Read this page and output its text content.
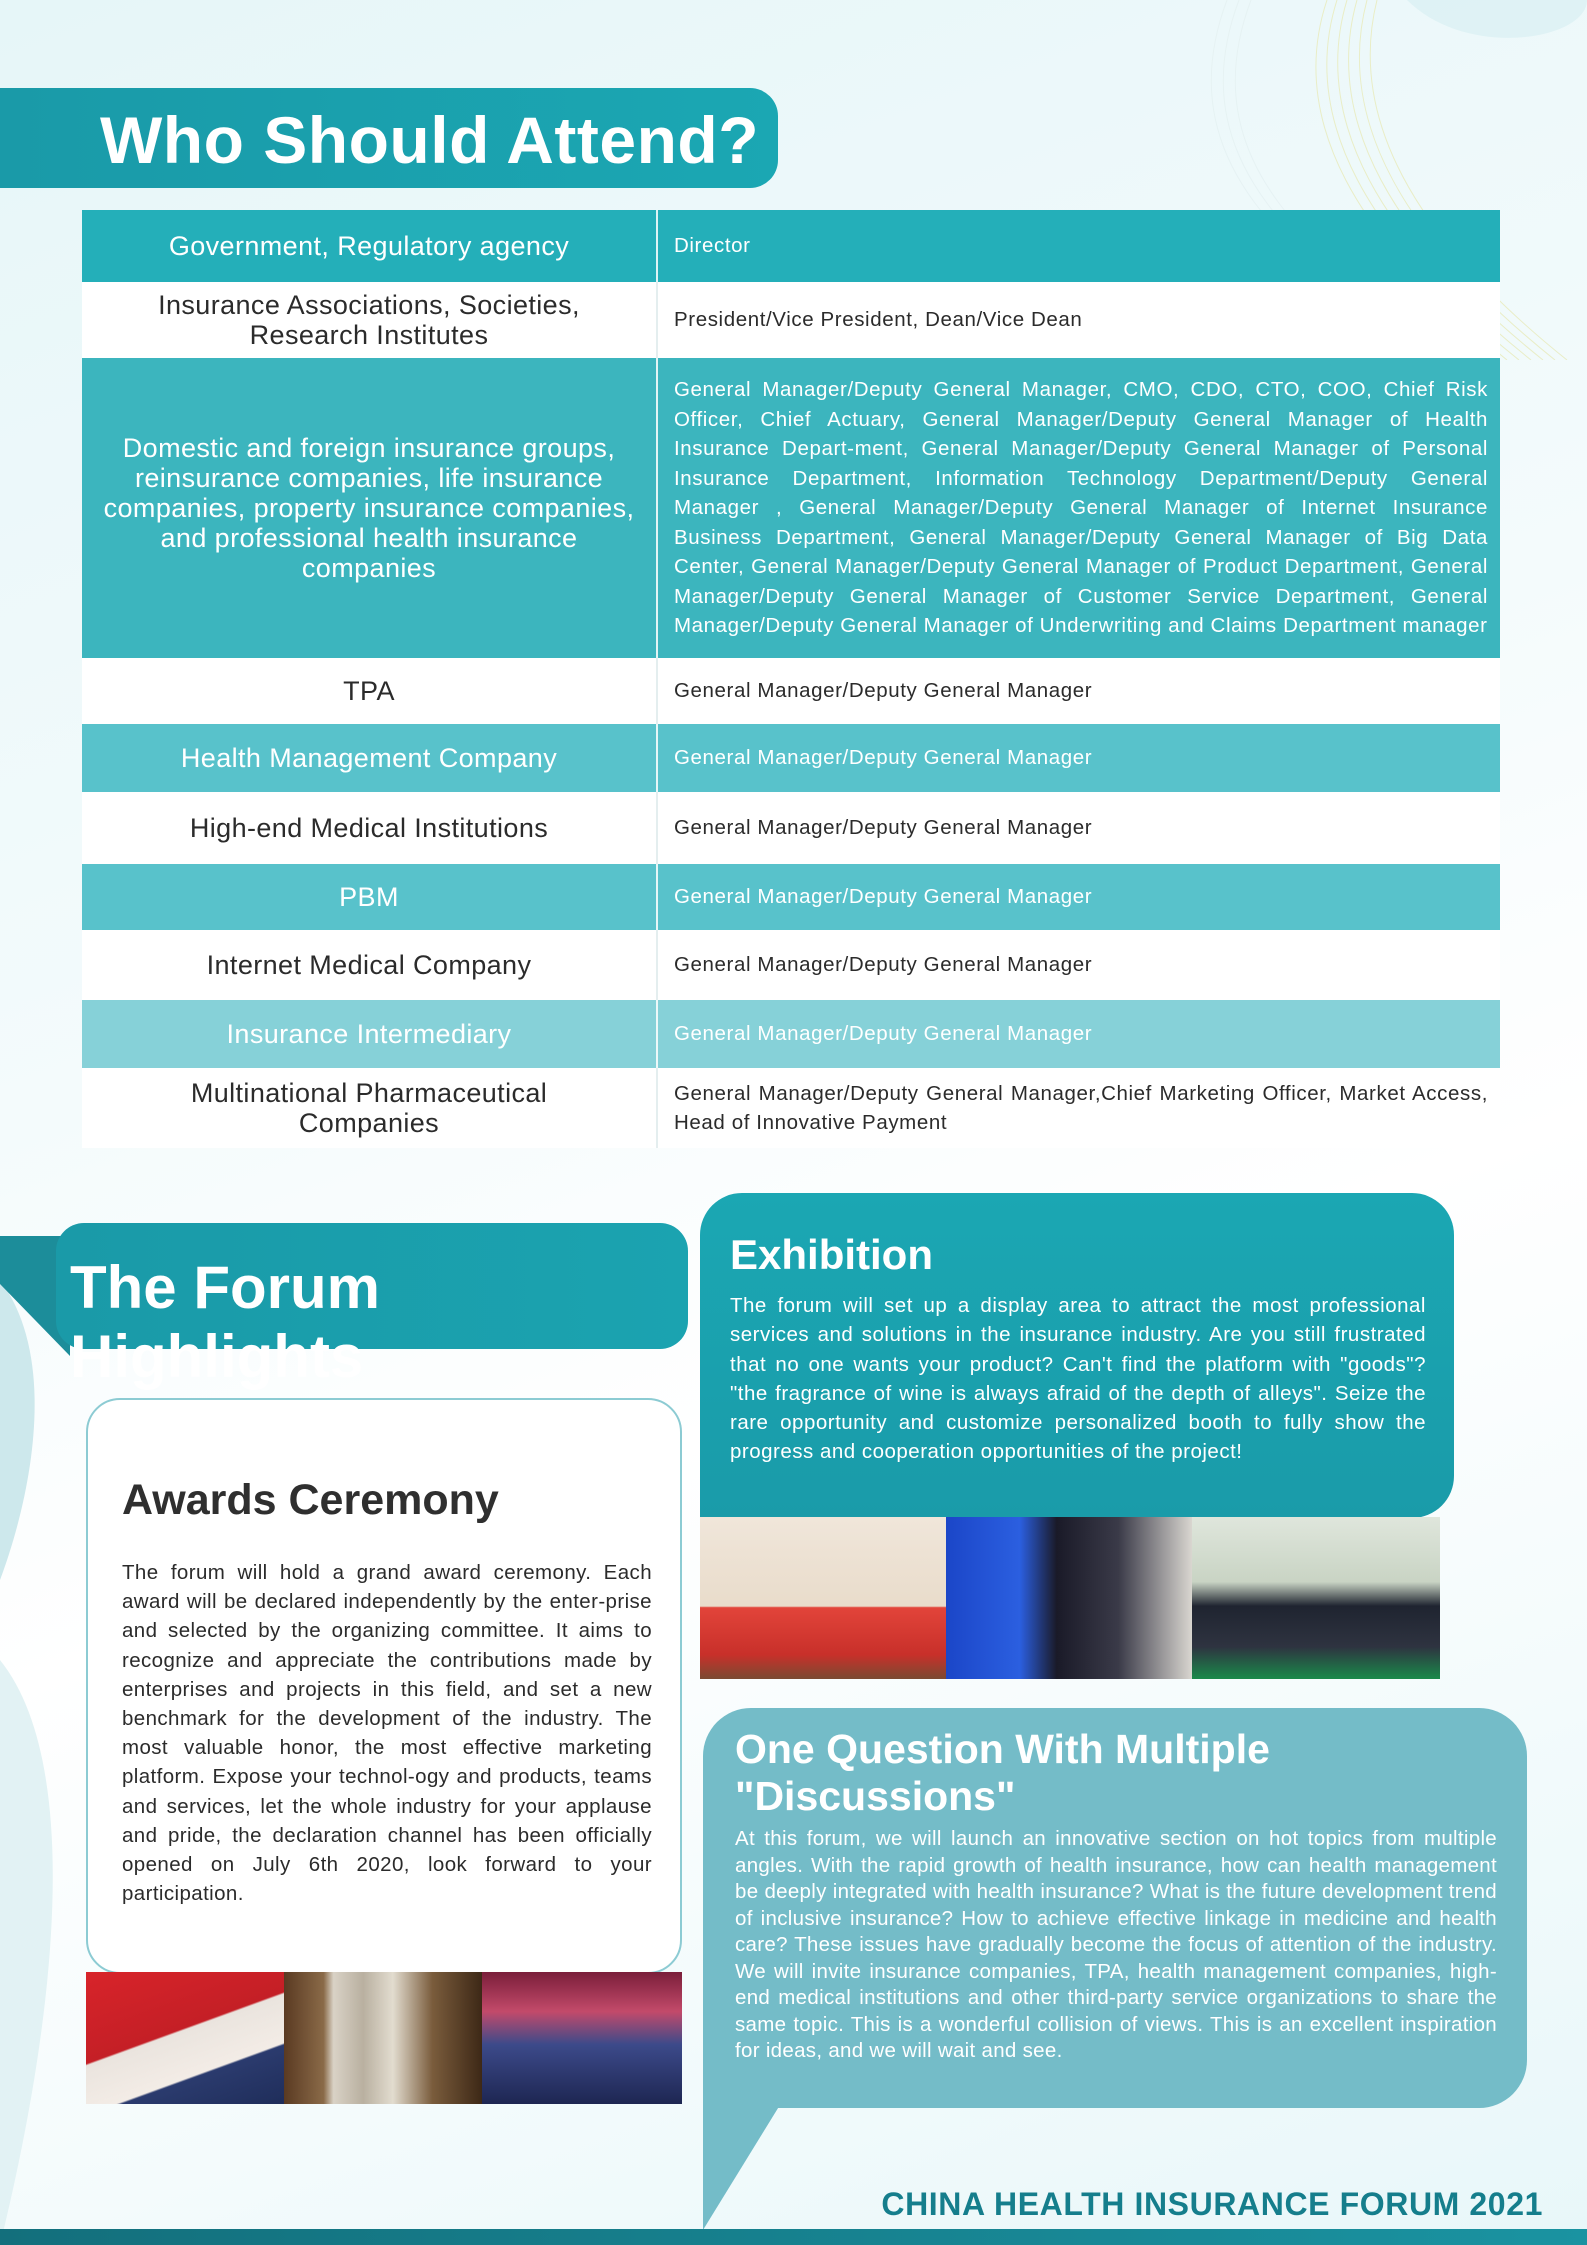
Who Should Attend?
Government, Regulatory agency	Director
Insurance Associations, Societies, Research Institutes	President/Vice President, Dean/Vice Dean
Domestic and foreign insurance groups, reinsurance companies, life insurance companies, property insurance companies, and professional health insurance companies	General Manager/Deputy General Manager, CMO, CDO, CTO, COO, Chief Risk Officer, Chief Actuary, General Manager/Deputy General Manager of Health Insurance Depart-ment, General Manager/Deputy General Manager of Personal Insurance Department, Information Technology Department/Deputy General Manager , General Manager/Deputy General Manager of Internet Insurance Business Department, General Manager/Deputy General Manager of Big Data Center, General Manager/Deputy General Manager of Product Department, General Manager/Deputy General Manager of Customer Service Department, General Manager/Deputy General Manager of Underwriting and Claims Department manager
TPA	General Manager/Deputy General Manager
Health Management Company	General Manager/Deputy General Manager
High-end Medical Institutions	General Manager/Deputy General Manager
PBM	General Manager/Deputy General Manager
Internet Medical Company	General Manager/Deputy General Manager
Insurance Intermediary	General Manager/Deputy General Manager
Multinational Pharmaceutical Companies	General Manager/Deputy General Manager,Chief Marketing Officer, Market Access, Head of Innovative Payment
The Forum Highlights
Awards Ceremony

The forum will hold a grand award ceremony. Each award will be declared independently by the enter-prise and selected by the organizing committee. It aims to recognize and appreciate the contributions made by enterprises and projects in this field, and set a new benchmark for the development of the industry. The most valuable honor, the most effective marketing platform. Expose your technol-ogy and products, teams and services, let the whole industry for your applause and pride, the declaration channel has been officially opened on July 6th 2020, look forward to your participation.

Exhibition

The forum will set up a display area to attract the most professional services and solutions in the insurance industry. Are you still frustrated that no one wants your product? Can't find the platform with "goods"? "the fragrance of wine is always afraid of the depth of alleys". Seize the rare opportunity and customize personalized booth to fully show the progress and cooperation opportunities of the project!

One Question With Multiple "Discussions"

At this forum, we will launch an innovative section on hot topics from multiple angles. With the rapid growth of health insurance, how can health management be deeply integrated with health insurance? What is the future development trend of inclusive insurance? How to achieve effective linkage in medicine and health care? These issues have gradually become the focus of attention of the industry. We will invite insurance companies, TPA, health management companies, high-end medical institutions and other third-party service organizations to share the same topic. This is a wonderful collision of views. This is an excellent inspiration for ideas, and we will wait and see.

CHINA HEALTH INSURANCE FORUM 2021
